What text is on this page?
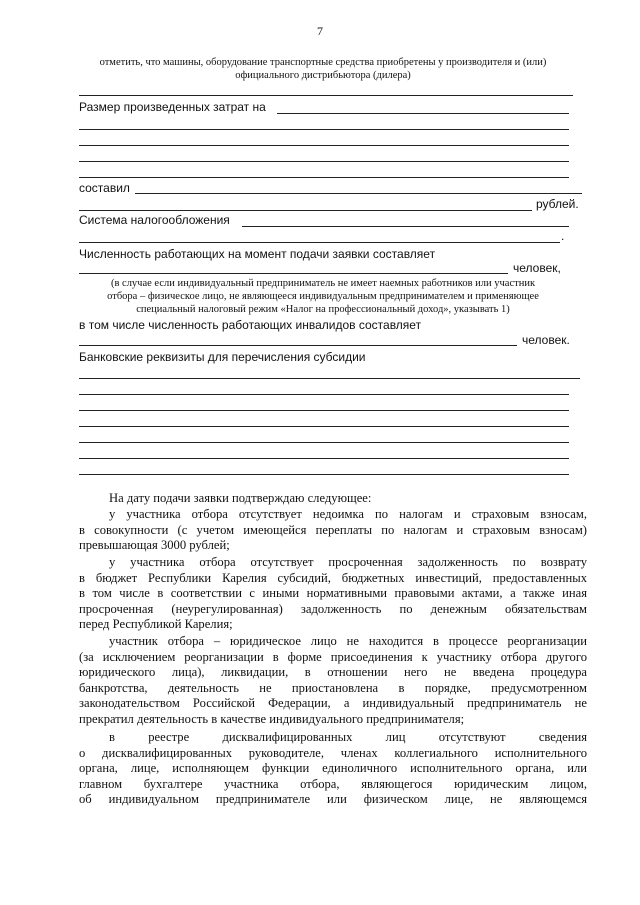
7
отметить, что машины, оборудование транспортные средства приобретены у производителя и (или)
официального дистрибьютора (дилера)
Размер произведенных затрат на
составил
рублей.
Система налогообложения
.
Численность работающих на момент подачи заявки составляет
человек,
(в случае если индивидуальный предприниматель не имеет наемных работников или участник
отбора – физическое лицо, не являющееся индивидуальным предпринимателем и применяющее
специальный налоговый режим «Налог на профессиональный доход», указывать 1)
в том числе численность работающих инвалидов составляет
человек.
Банковские реквизиты для перечисления субсидии
На дату подачи заявки подтверждаю следующее:
у участника отбора отсутствует недоимка по налогам и страховым взносам,
в совокупности (с учетом имеющейся переплаты по налогам и страховым взносам)
превышающая 3000 рублей;
у участника отбора отсутствует просроченная задолженность по возврату
в бюджет Республики Карелия субсидий, бюджетных инвестиций, предоставленных
в том числе в соответствии с иными нормативными правовыми актами, а также иная
просроченная (неурегулированная) задолженность по денежным обязательствам
перед Республикой Карелия;
участник отбора – юридическое лицо не находится в процессе реорганизации
(за исключением реорганизации в форме присоединения к участнику отбора другого
юридического лица), ликвидации, в отношении него не введена процедура
банкротства, деятельность не приостановлена в порядке, предусмотренном
законодательством Российской Федерации, а индивидуальный предприниматель не
прекратил деятельность в качестве индивидуального предпринимателя;
в реестре дисквалифицированных лиц отсутствуют сведения
о дисквалифицированных руководителе, членах коллегиального исполнительного
органа, лице, исполняющем функции единоличного исполнительного органа, или
главном бухгалтере участника отбора, являющегося юридическим лицом,
об индивидуальном предпринимателе или физическом лице, не являющемся
